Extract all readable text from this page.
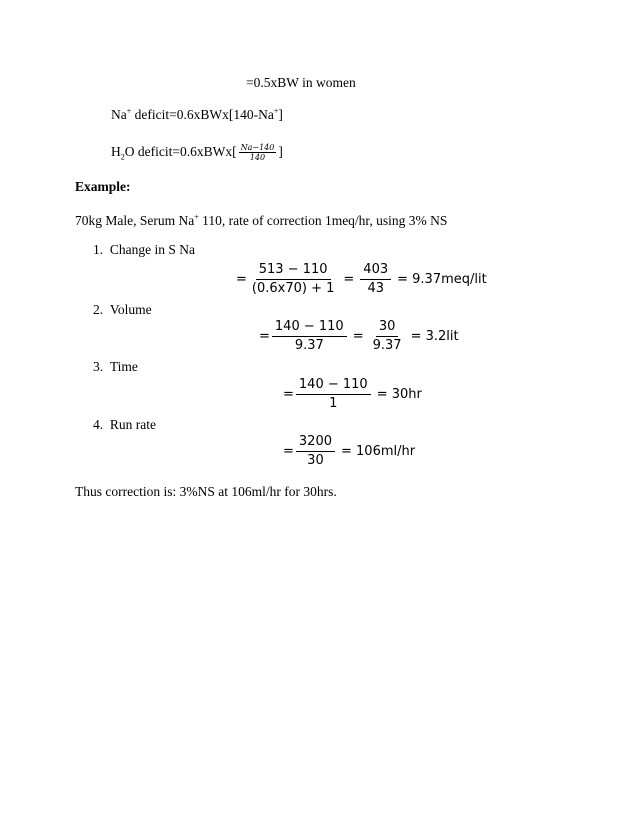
=0.5xBW in women
Na+ deficit=0.6xBWx[140-Na+]
$H_2O$ deficit=0.6xBWx[ $\frac{Na-140}{140}$ ]
Example:
70kg Male, Serum Na+ 110, rate of correction 1meq/hr, using 3% NS
1. Change in S Na
= $\frac{513 - 110}{(0.6x70) + 1} = \frac{403}{43} = 9.37meq/lit$
2. Volume
= $\frac{140 - 110}{9.37} = \frac{30}{9.37} = 3.2lit$
3. Time
= $\frac{140 - 110}{1} = 30hr$
4. Run rate
= $\frac{3200}{30} = 106ml/hr$
Thus correction is: 3%NS at 106ml/hr for 30hrs.
